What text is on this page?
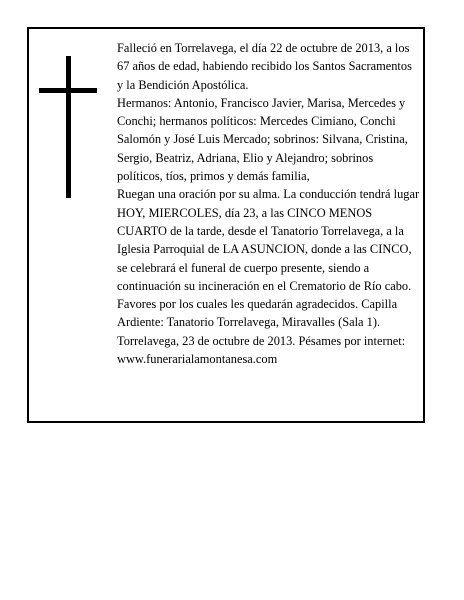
Falleció en Torrelavega, el día 22 de octubre de 2013, a los 67 años de edad, habiendo recibido los Santos Sacramentos y la Bendición Apostólica.

Hermanos: Antonio, Francisco Javier, Marisa, Mercedes y Conchi; hermanos políticos: Mercedes Cimiano, Conchi Salomón y José Luis Mercado; sobrinos: Silvana, Cristina, Sergio, Beatriz, Adriana, Elio y Alejandro; sobrinos políticos, tíos, primos y demás familia,

Ruegan una oración por su alma. La conducción tendrá lugar HOY, MIERCOLES, día 23, a las CINCO MENOS CUARTO de la tarde, desde el Tanatorio Torrelavega, a la Iglesia Parroquial de LA ASUNCION, donde a las CINCO, se celebrará el funeral de cuerpo presente, siendo a continuación su incineración en el Crematorio de Río cabo. Favores por los cuales les quedarán agradecidos. Capilla Ardiente: Tanatorio Torrelavega, Miravalles (Sala 1).

Torrelavega, 23 de octubre de 2013. Pésames por internet: www.funerarialamontanesa.com
